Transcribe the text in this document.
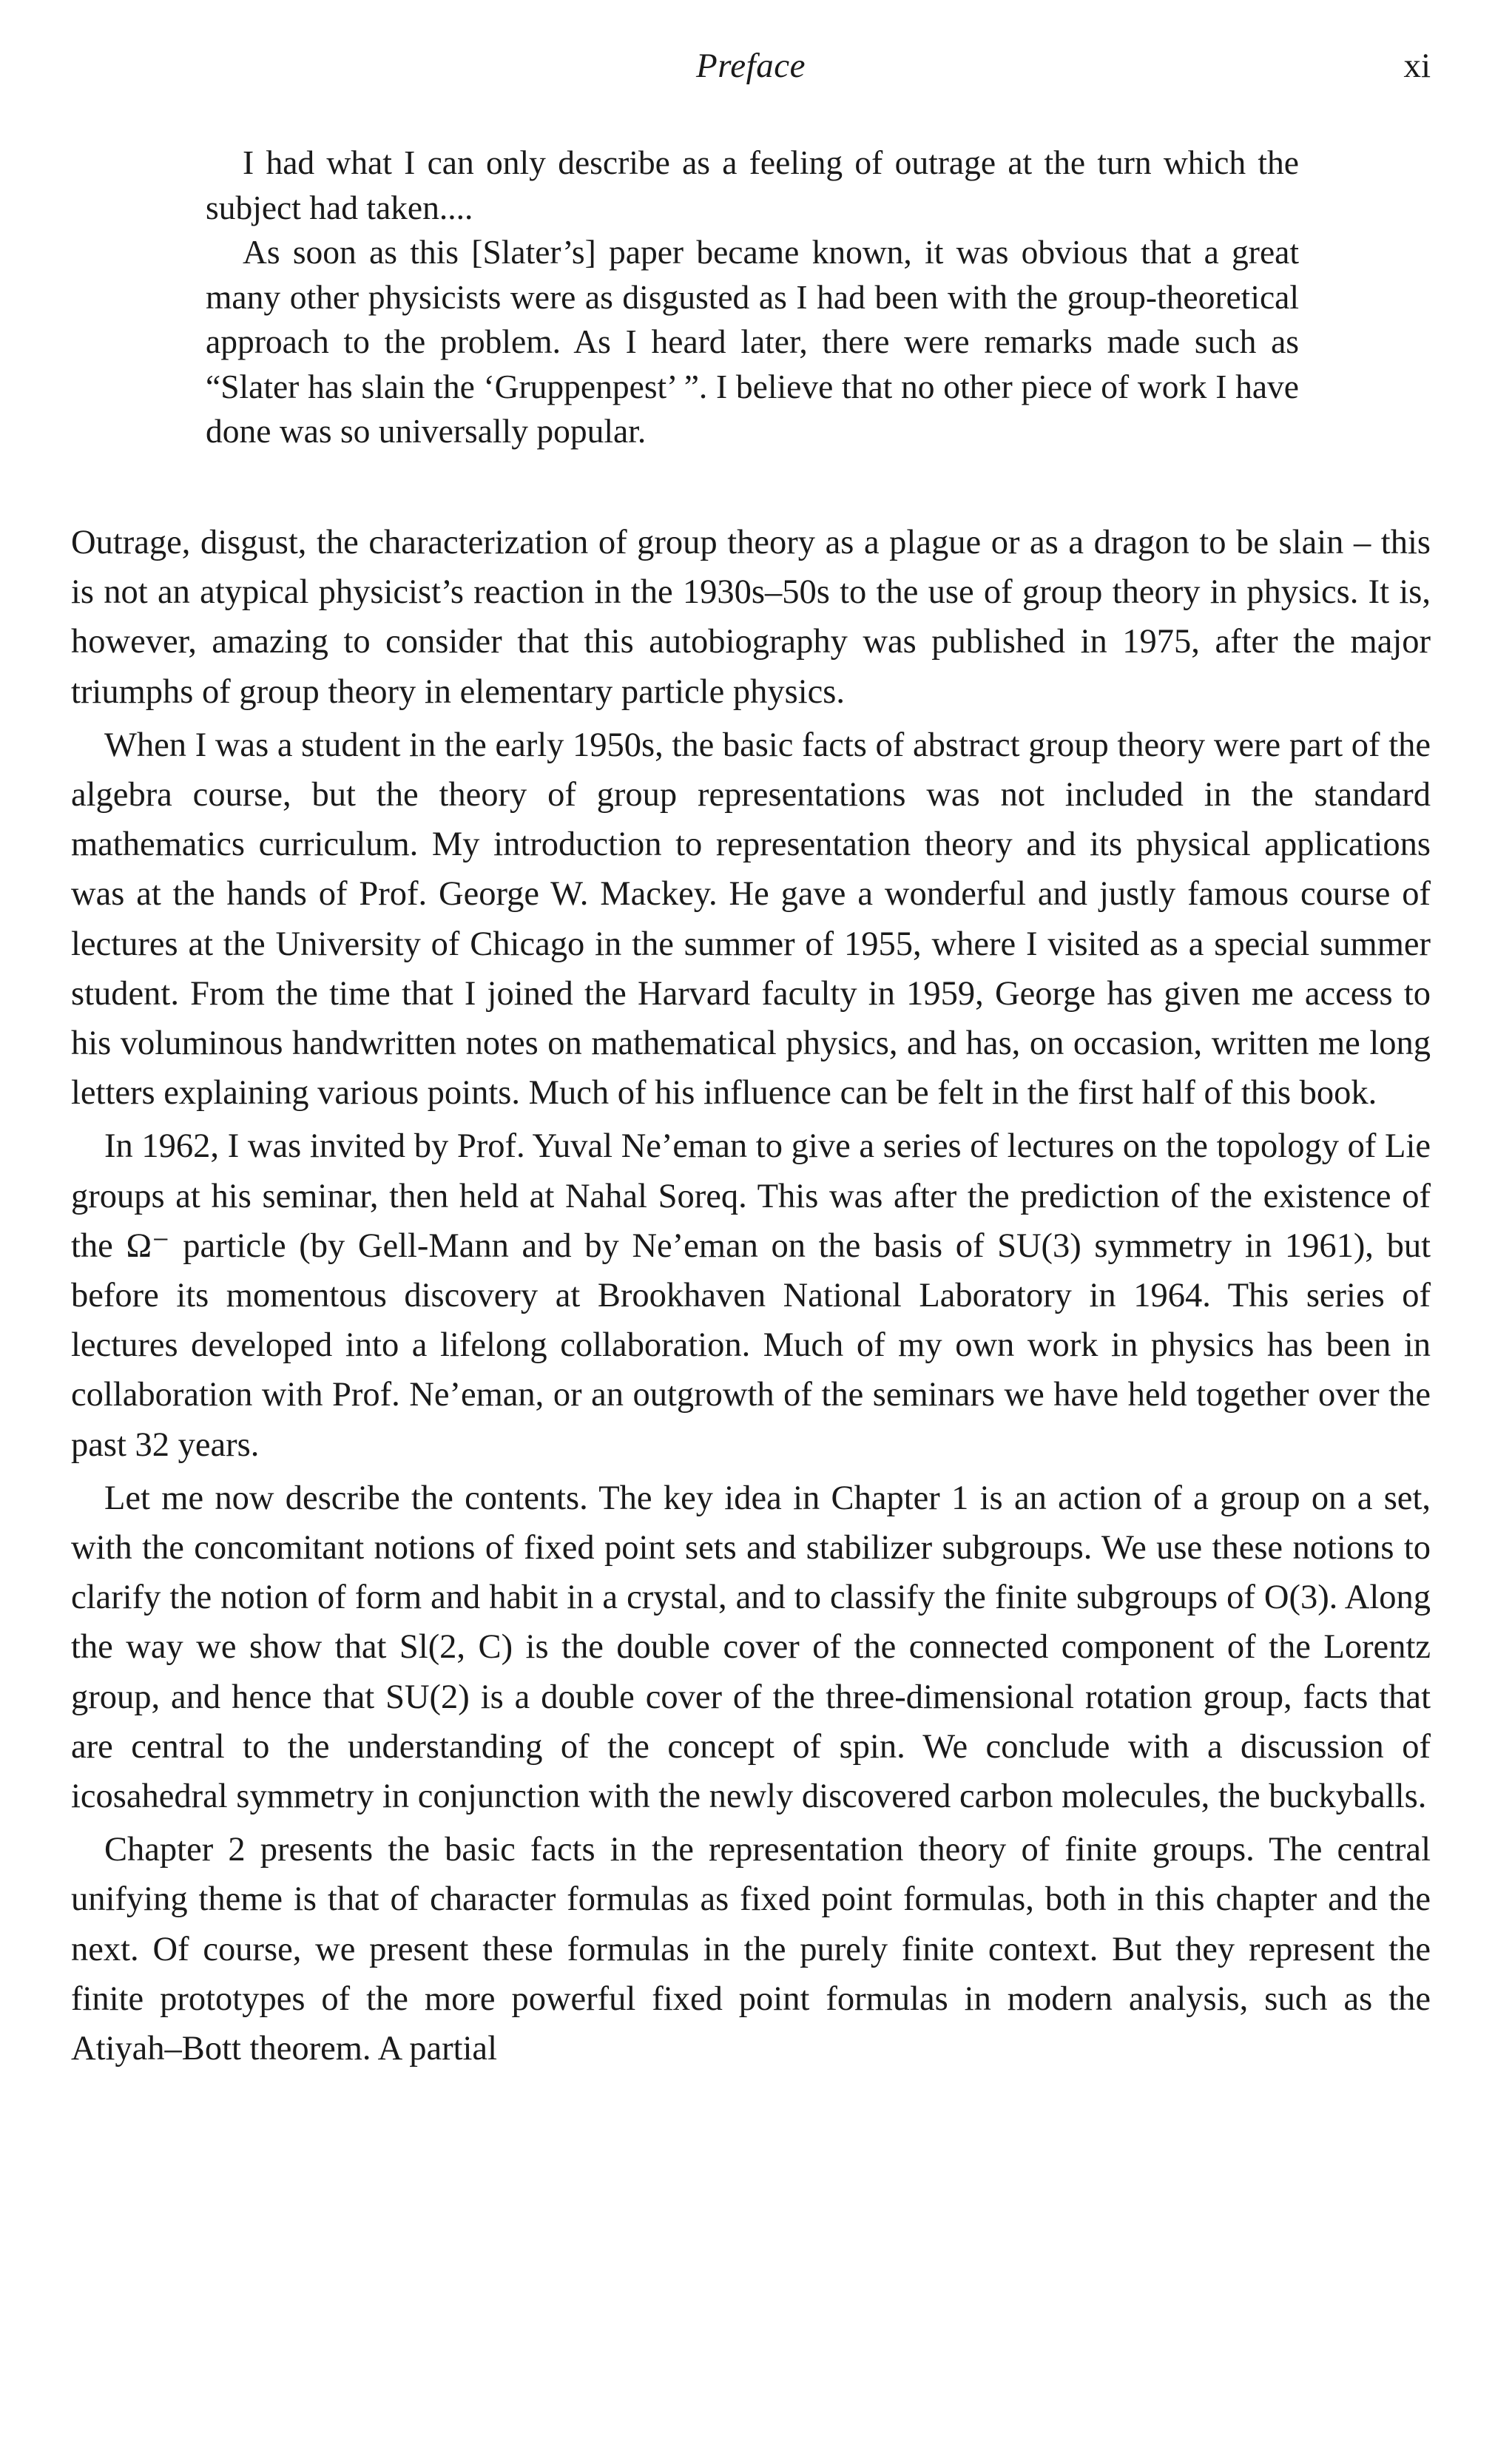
Preface	xi

I had what I can only describe as a feeling of outrage at the turn which the subject had taken....

As soon as this [Slater’s] paper became known, it was obvious that a great many other physicists were as disgusted as I had been with the group-theoretical approach to the problem. As I heard later, there were remarks made such as “Slater has slain the ‘Gruppenpest’ ”. I believe that no other piece of work I have done was so universally popular.

Outrage, disgust, the characterization of group theory as a plague or as a dragon to be slain – this is not an atypical physicist’s reaction in the 1930s–50s to the use of group theory in physics. It is, however, amazing to consider that this autobiography was published in 1975, after the major triumphs of group theory in elementary particle physics.

When I was a student in the early 1950s, the basic facts of abstract group theory were part of the algebra course, but the theory of group representations was not included in the standard mathematics curriculum. My introduction to representation theory and its physical applications was at the hands of Prof. George W. Mackey. He gave a wonderful and justly famous course of lectures at the University of Chicago in the summer of 1955, where I visited as a special summer student. From the time that I joined the Harvard faculty in 1959, George has given me access to his voluminous handwritten notes on mathematical physics, and has, on occasion, written me long letters explaining various points. Much of his influence can be felt in the first half of this book.

In 1962, I was invited by Prof. Yuval Ne’eman to give a series of lectures on the topology of Lie groups at his seminar, then held at Nahal Soreq. This was after the prediction of the existence of the Ω⁻ particle (by Gell-Mann and by Ne’eman on the basis of SU(3) symmetry in 1961), but before its momentous discovery at Brookhaven National Laboratory in 1964. This series of lectures developed into a lifelong collaboration. Much of my own work in physics has been in collaboration with Prof. Ne’eman, or an outgrowth of the seminars we have held together over the past 32 years.

Let me now describe the contents. The key idea in Chapter 1 is an action of a group on a set, with the concomitant notions of fixed point sets and stabilizer subgroups. We use these notions to clarify the notion of form and habit in a crystal, and to classify the finite subgroups of O(3). Along the way we show that Sl(2, C) is the double cover of the connected component of the Lorentz group, and hence that SU(2) is a double cover of the three-dimensional rotation group, facts that are central to the understanding of the concept of spin. We conclude with a discussion of icosahedral symmetry in conjunction with the newly discovered carbon molecules, the buckyballs.

Chapter 2 presents the basic facts in the representation theory of finite groups. The central unifying theme is that of character formulas as fixed point formulas, both in this chapter and the next. Of course, we present these formulas in the purely finite context. But they represent the finite prototypes of the more powerful fixed point formulas in modern analysis, such as the Atiyah–Bott theorem. A partial
